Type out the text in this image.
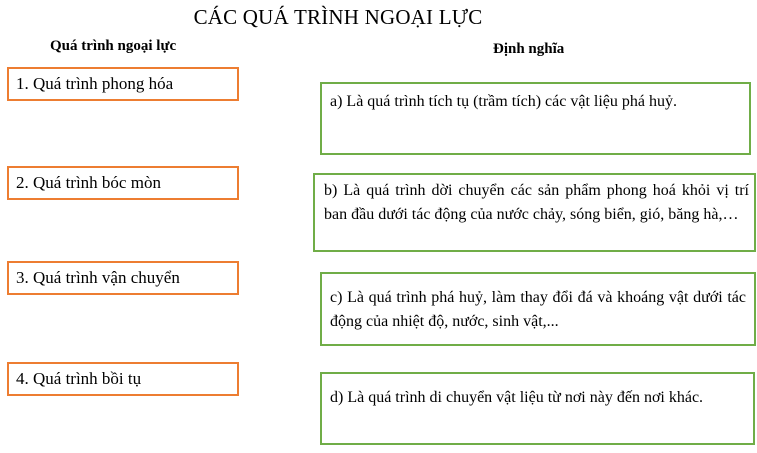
CÁC QUÁ TRÌNH NGOẠI LỰC
Quá trình ngoại lực	Định nghĩa
1. Quá trình phong hóa
2. Quá trình bóc mòn
3. Quá trình vận chuyển
4. Quá trình bồi tụ
a) Là quá trình tích tụ (trầm tích) các vật liệu phá huỷ.
b) Là quá trình dời chuyển các sản phẩm phong hoá khỏi vị trí ban đầu dưới tác động của nước chảy, sóng biển, gió, băng hà,…
c) Là quá trình phá huỷ, làm thay đổi đá và khoáng vật dưới tác động của nhiệt độ, nước, sinh vật,...
d) Là quá trình di chuyển vật liệu từ nơi này đến nơi khác.
